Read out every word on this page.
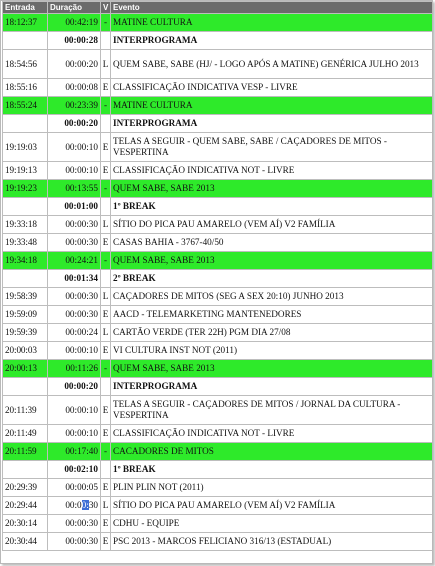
Entrada	Duração	V	Evento
18:12:37	00:42:19	-	MATINE CULTURA
	00:00:28		INTERPROGRAMA
18:54:56	00:00:20	L	QUEM SABE, SABE (HJ/ - LOGO APÓS A MATINE) GENÉRICA JULHO 2013
18:55:16	00:00:08	E	CLASSIFICAÇÃO INDICATIVA VESP - LIVRE
18:55:24	00:23:39	-	MATINE CULTURA
	00:00:20		INTERPROGRAMA
19:19:03	00:00:10	E	TELAS A SEGUIR - QUEM SABE, SABE / CAÇADORES DE MITOS - VESPERTINA
19:19:13	00:00:10	E	CLASSIFICAÇÃO INDICATIVA NOT - LIVRE
19:19:23	00:13:55	-	QUEM SABE, SABE 2013
	00:01:00		1º BREAK
19:33:18	00:00:30	L	SÍTIO DO PICA PAU AMARELO (VEM AÍ) V2 FAMÍLIA
19:33:48	00:00:30	E	CASAS BAHIA - 3767-40/50
19:34:18	00:24:21	-	QUEM SABE, SABE 2013
	00:01:34		2º BREAK
19:58:39	00:00:30	L	CAÇADORES DE MITOS (SEG A SEX 20:10) JUNHO 2013
19:59:09	00:00:30	E	AACD - TELEMARKETING MANTENEDORES
19:59:39	00:00:24	L	CARTÃO VERDE (TER 22H) PGM DIA 27/08
20:00:03	00:00:10	E	VI CULTURA INST NOT (2011)
20:00:13	00:11:26	-	QUEM SABE, SABE 2013
	00:00:20		INTERPROGRAMA
20:11:39	00:00:10	E	TELAS A SEGUIR - CAÇADORES DE MITOS / JORNAL DA CULTURA - VESPERTINA
20:11:49	00:00:10	E	CLASSIFICAÇÃO INDICATIVA NOT - LIVRE
20:11:59	00:17:40	-	CACADORES DE MITOS
	00:02:10		1º BREAK
20:29:39	00:00:05	E	PLIN PLIN NOT (2011)
20:29:44	00:00:30	L	SÍTIO DO PICA PAU AMARELO (VEM AÍ) V2 FAMÍLIA
20:30:14	00:00:30	E	CDHU - EQUIPE
20:30:44	00:00:30	E	PSC 2013 - MARCOS FELICIANO 316/13 (ESTADUAL)
